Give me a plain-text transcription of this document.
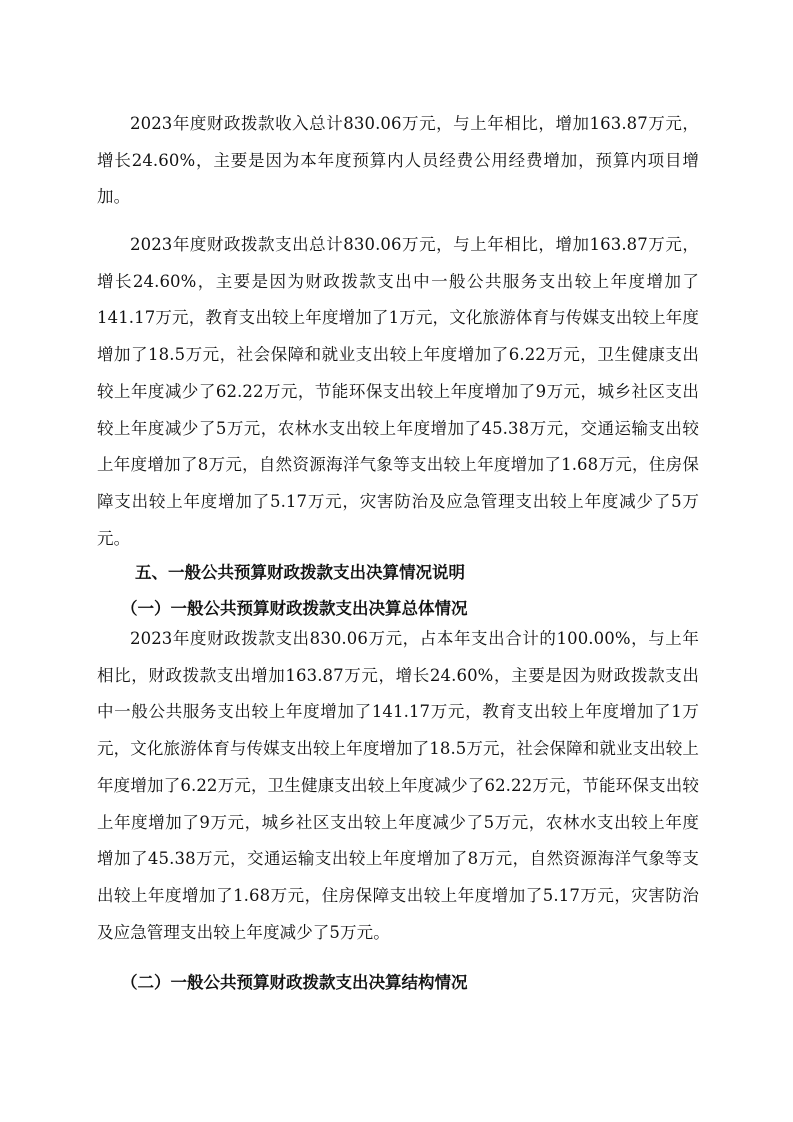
2023年度财政拨款收入总计830.06万元，与上年相比，增加163.87万元，增长24.60%，主要是因为本年度预算内人员经费公用经费增加，预算内项目增加。

2023年度财政拨款支出总计830.06万元，与上年相比，增加163.87万元，增长24.60%，主要是因为财政拨款支出中一般公共服务支出较上年度增加了141.17万元，教育支出较上年度增加了1万元，文化旅游体育与传媒支出较上年度增加了18.5万元，社会保障和就业支出较上年度增加了6.22万元，卫生健康支出较上年度减少了62.22万元，节能环保支出较上年度增加了9万元，城乡社区支出较上年度减少了5万元，农林水支出较上年度增加了45.38万元，交通运输支出较上年度增加了8万元，自然资源海洋气象等支出较上年度增加了1.68万元，住房保障支出较上年度增加了5.17万元，灾害防治及应急管理支出较上年度减少了5万元。

五、一般公共预算财政拨款支出决算情况说明
（一）一般公共预算财政拨款支出决算总体情况

2023年度财政拨款支出830.06万元，占本年支出合计的100.00%，与上年相比，财政拨款支出增加163.87万元，增长24.60%，主要是因为财政拨款支出中一般公共服务支出较上年度增加了141.17万元，教育支出较上年度增加了1万元，文化旅游体育与传媒支出较上年度增加了18.5万元，社会保障和就业支出较上年度增加了6.22万元，卫生健康支出较上年度减少了62.22万元，节能环保支出较上年度增加了9万元，城乡社区支出较上年度减少了5万元，农林水支出较上年度增加了45.38万元，交通运输支出较上年度增加了8万元，自然资源海洋气象等支出较上年度增加了1.68万元，住房保障支出较上年度增加了5.17万元，灾害防治及应急管理支出较上年度减少了5万元。

（二）一般公共预算财政拨款支出决算结构情况
